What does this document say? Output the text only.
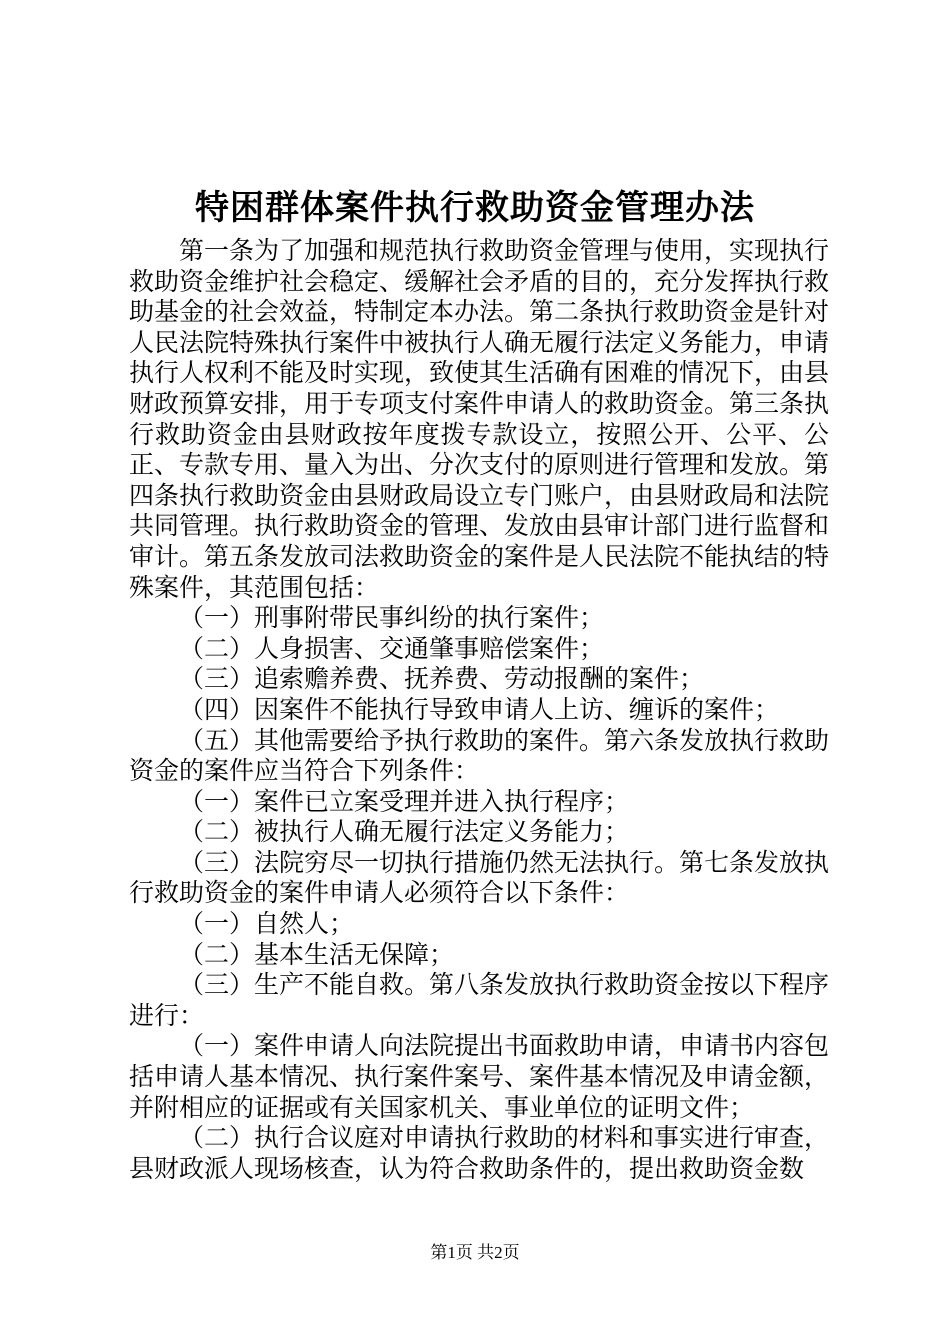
特困群体案件执行救助资金管理办法

第一条为了加强和规范执行救助资金管理与使用，实现执行救助资金维护社会稳定、缓解社会矛盾的目的，充分发挥执行救助基金的社会效益，特制定本办法。第二条执行救助资金是针对人民法院特殊执行案件中被执行人确无履行法定义务能力，申请执行人权利不能及时实现，致使其生活确有困难的情况下，由县财政预算安排，用于专项支付案件申请人的救助资金。第三条执行救助资金由县财政按年度拨专款设立，按照公开、公平、公正、专款专用、量入为出、分次支付的原则进行管理和发放。第四条执行救助资金由县财政局设立专门账户，由县财政局和法院共同管理。执行救助资金的管理、发放由县审计部门进行监督和审计。第五条发放司法救助资金的案件是人民法院不能执结的特殊案件，其范围包括：

（一）刑事附带民事纠纷的执行案件；

（二）人身损害、交通肇事赔偿案件；

（三）追索赡养费、抚养费、劳动报酬的案件；

（四）因案件不能执行导致申请人上访、缠诉的案件；

（五）其他需要给予执行救助的案件。第六条发放执行救助资金的案件应当符合下列条件：

（一）案件已立案受理并进入执行程序；

（二）被执行人确无履行法定义务能力；

（三）法院穷尽一切执行措施仍然无法执行。第七条发放执行救助资金的案件申请人必须符合以下条件：

（一）自然人；

（二）基本生活无保障；

（三）生产不能自救。第八条发放执行救助资金按以下程序进行：

（一）案件申请人向法院提出书面救助申请，申请书内容包括申请人基本情况、执行案件案号、案件基本情况及申请金额，并附相应的证据或有关国家机关、事业单位的证明文件；

（二）执行合议庭对申请执行救助的材料和事实进行审查，县财政派人现场核查，认为符合救助条件的，提出救助资金数

第1页 共2页
